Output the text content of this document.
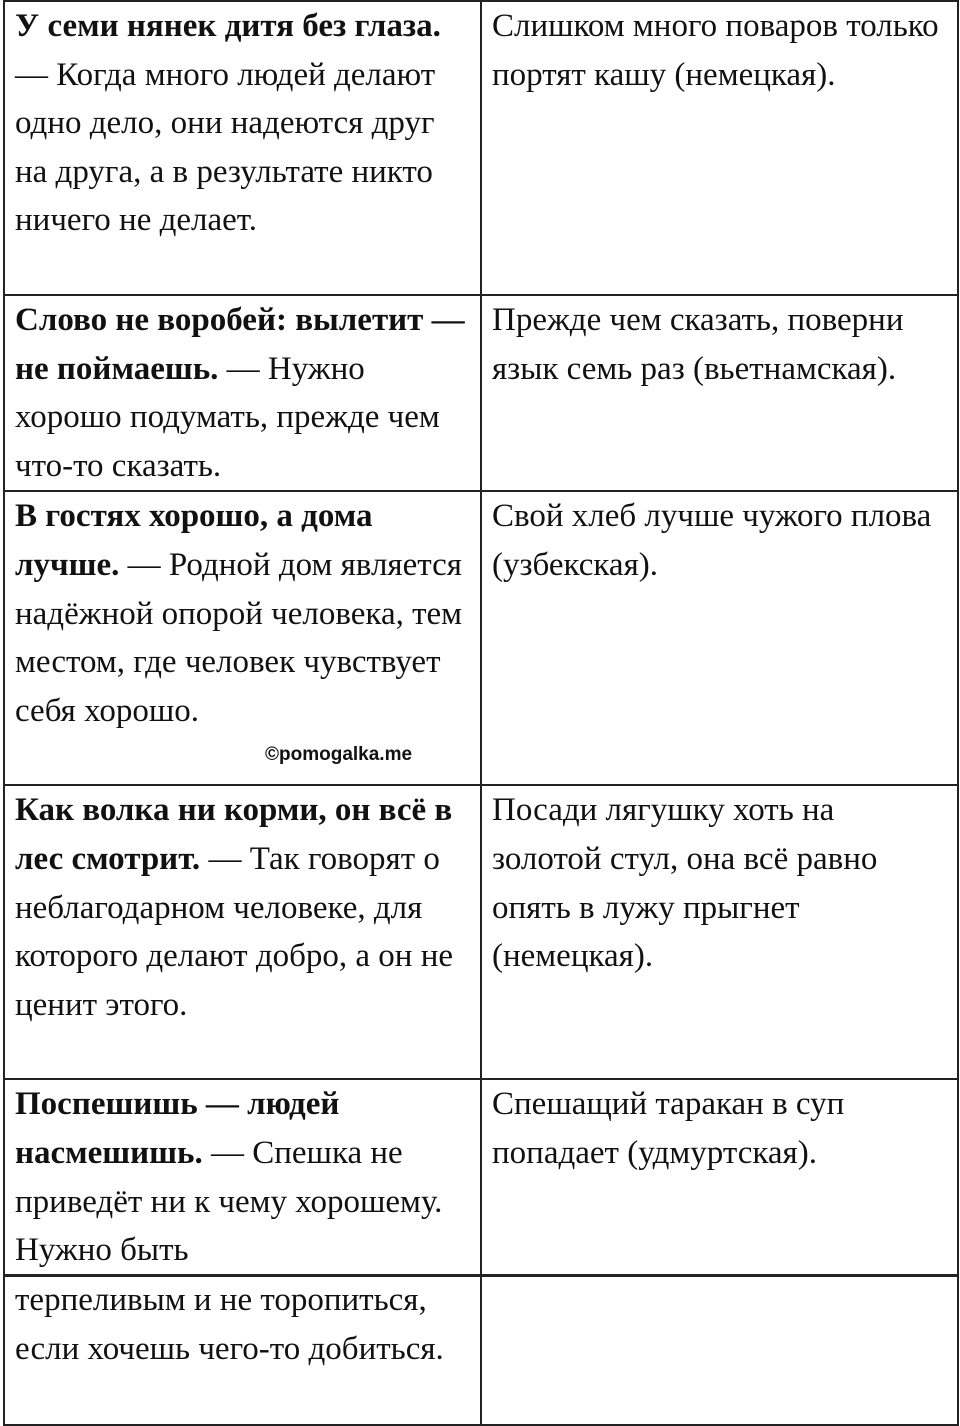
У семи нянек дитя без глаза. — Когда много людей делают одно дело, они надеются друг на друга, а в результате никто ничего не делает.	Слишком много поваров только портят кашу (немецкая).
Слово не воробей: вылетит — не поймаешь. — Нужно хорошо подумать, прежде чем что-то сказать.	Прежде чем сказать, поверни язык семь раз (вьетнамская).
В гостях хорошо, а дома лучше. — Родной дом является надёжной опорой человека, тем местом, где человек чувствует себя хорошо.	Свой хлеб лучше чужого плова (узбекская).
Как волка ни корми, он всё в лес смотрит. — Так говорят о неблагодарном человеке, для которого делают добро, а он не ценит этого.	Посади лягушку хоть на золотой стул, она всё равно опять в лужу прыгнет (немецкая).
Поспешишь — людей насмешишь. — Спешка не приведёт ни к чему хорошему. Нужно быть	Спешащий таракан в суп попадает (удмуртская).
терпеливым и не торопиться, если хочешь чего-то добиться.	
©pomogalka.me
